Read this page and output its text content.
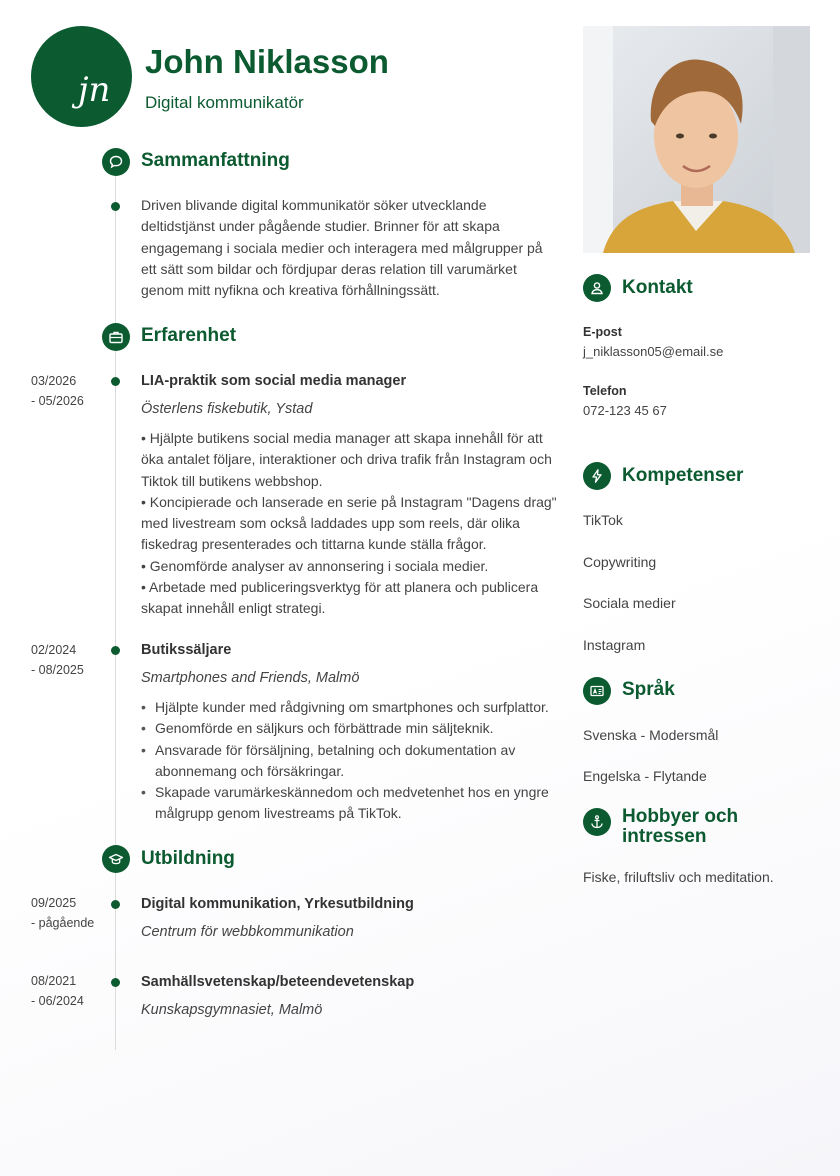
jn
John Niklasson
Digital kommunikatör
Sammanfattning
Driven blivande digital kommunikatör söker utvecklande deltidstjänst under pågående studier. Brinner för att skapa engagemang i sociala medier och interagera med målgrupper på ett sätt som bildar och fördjupar deras relation till varumärket genom mitt nyfikna och kreativa förhållningssätt.
Erfarenhet
03/2026
- 05/2026
LIA-praktik som social media manager
Österlens fiskebutik, Ystad
• Hjälpte butikens social media manager att skapa innehåll för att öka antalet följare, interaktioner och driva trafik från Instagram och Tiktok till butikens webbshop.
• Koncipierade och lanserade en serie på Instagram "Dagens drag" med livestream som också laddades upp som reels, där olika fiskedrag presenterades och tittarna kunde ställa frågor.
• Genomförde analyser av annonsering i sociala medier.
• Arbetade med publiceringsverktyg för att planera och publicera skapat innehåll enligt strategi.
02/2024
- 08/2025
Butikssäljare
Smartphones and Friends, Malmö
• Hjälpte kunder med rådgivning om smartphones och surfplattor.
• Genomförde en säljkurs och förbättrade min säljteknik.
• Ansvarade för försäljning, betalning och dokumentation av abonnemang och försäkringar.
• Skapade varumärkeskännedom och medvetenhet hos en yngre målgrupp genom livestreams på TikTok.
Utbildning
09/2025
- pågående
Digital kommunikation, Yrkesutbildning
Centrum för webbkommunikation
08/2021
- 06/2024
Samhällsvetenskap/beteendevetenskap
Kunskapsgymnasiet, Malmö
Kontakt
E-post
j_niklasson05@email.se
Telefon
072-123 45 67
Kompetenser
TikTok
Copywriting
Sociala medier
Instagram
Språk
Svenska - Modersmål
Engelska - Flytande
Hobbyer och
intressen
Fiske, friluftsliv och meditation.
